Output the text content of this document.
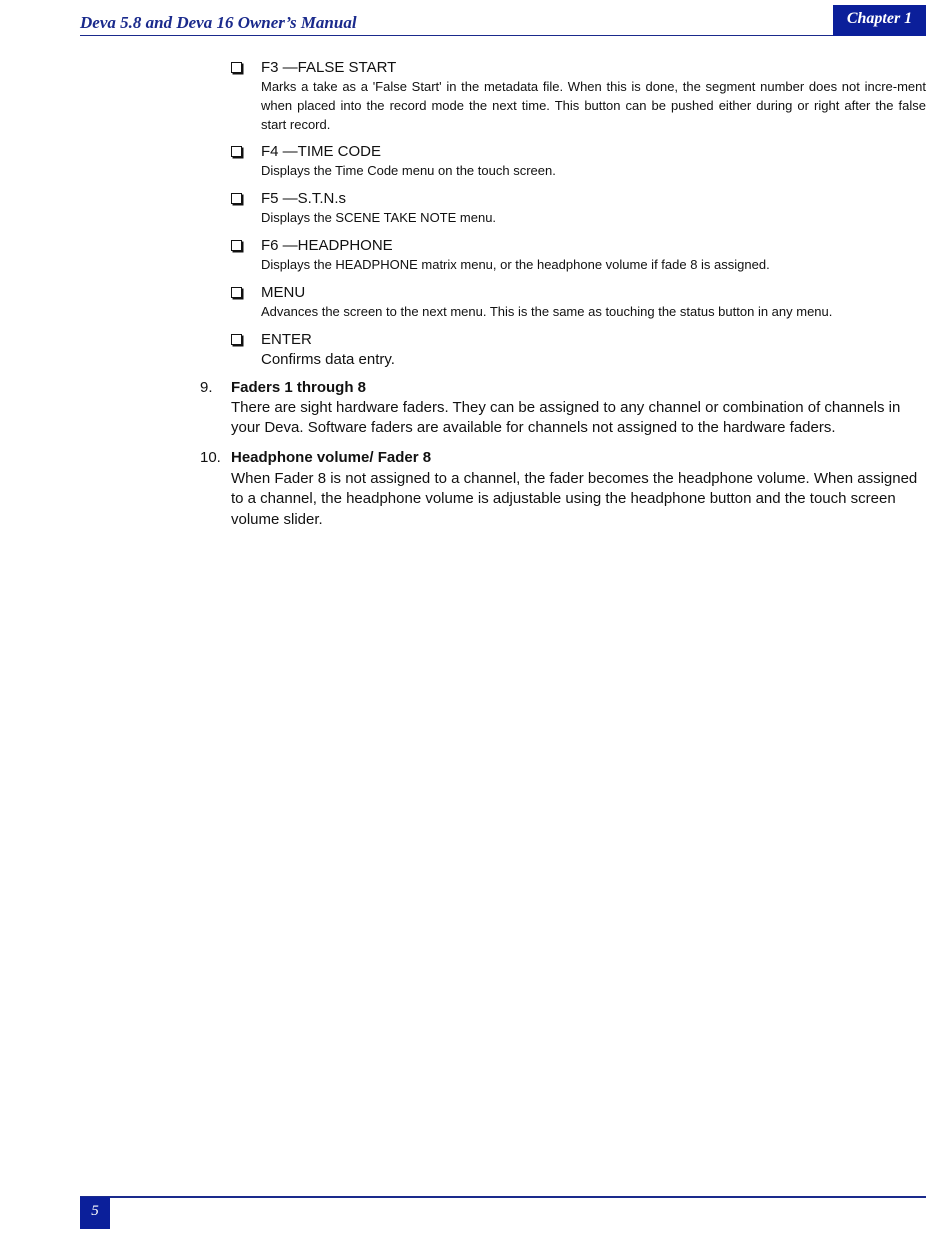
Deva 5.8 and Deva 16 Owner’s Manual	Chapter 1
F3 —FALSE START
Marks a take as a 'False Start' in the metadata file. When this is done, the segment number does not incre-ment when placed into the record mode the next time. This button can be pushed either during or right after the false start record.
F4 —TIME CODE
Displays the Time Code menu on the touch screen.
F5 —S.T.N.s
Displays the SCENE TAKE NOTE menu.
F6 —HEADPHONE
Displays the HEADPHONE matrix menu, or the headphone volume if fade 8 is assigned.
MENU
Advances the screen to the next menu. This is the same as touching the status button in any menu.
ENTER
Confirms data entry.
9. Faders 1 through 8
There are sight hardware faders. They can be assigned to any channel or combination of channels in your Deva. Software faders are available for channels not assigned to the hardware faders.
10. Headphone volume/ Fader 8
When Fader 8 is not assigned to a channel, the fader becomes the headphone volume. When assigned to a channel, the headphone volume is adjustable using the headphone button and the touch screen volume slider.
5
